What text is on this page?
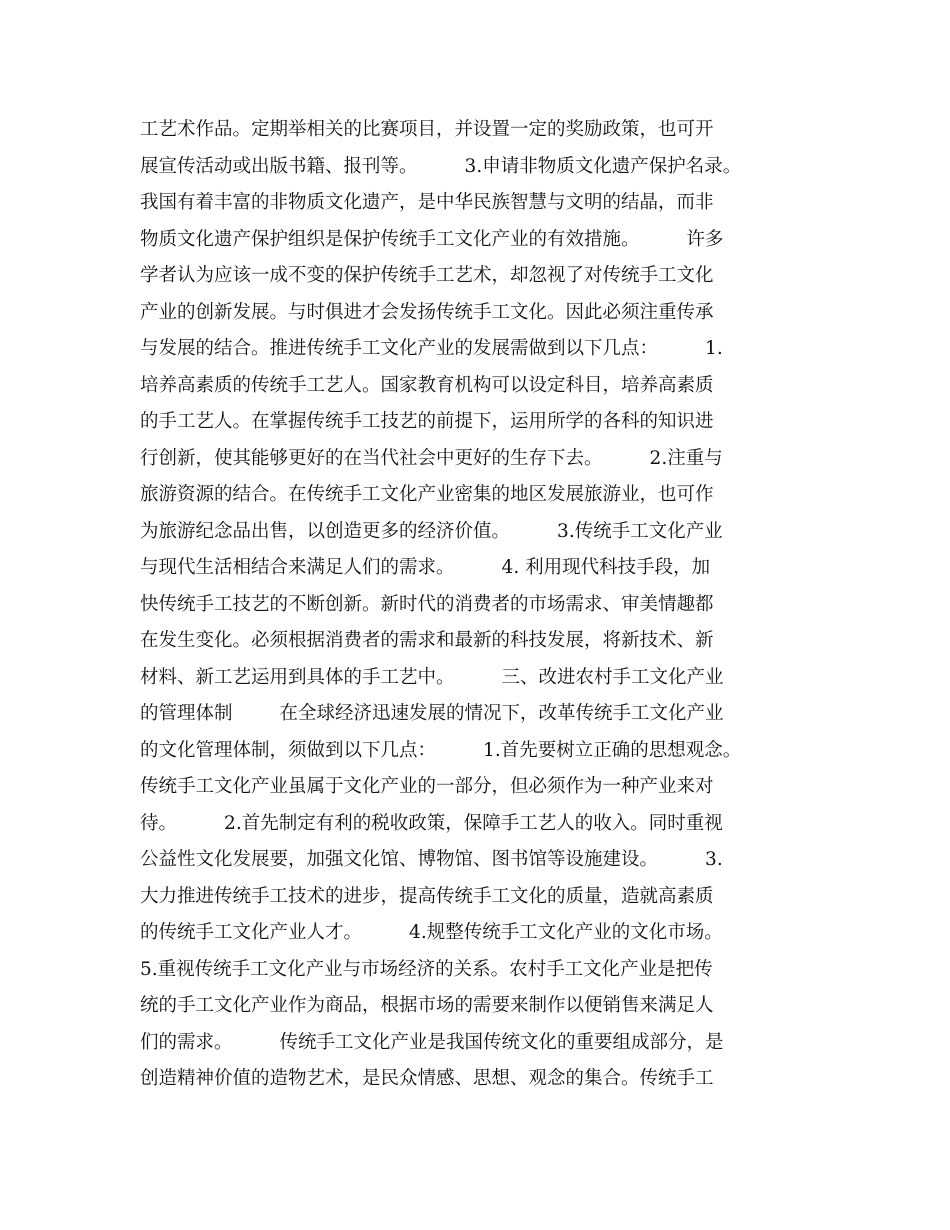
工艺术作品。定期举相关的比赛项目，并设置一定的奖励政策，也可开
展宣传活动或出版书籍、报刊等。        3.申请非物质文化遗产保护名录。
我国有着丰富的非物质文化遗产，是中华民族智慧与文明的结晶，而非
物质文化遗产保护组织是保护传统手工文化产业的有效措施。        许多
学者认为应该一成不变的保护传统手工艺术，却忽视了对传统手工文化
产业的创新发展。与时俱进才会发扬传统手工文化。因此必须注重传承
与发展的结合。推进传统手工文化产业的发展需做到以下几点：        1.
培养高素质的传统手工艺人。国家教育机构可以设定科目，培养高素质
的手工艺人。在掌握传统手工技艺的前提下，运用所学的各科的知识进
行创新，使其能够更好的在当代社会中更好的生存下去。        2.注重与
旅游资源的结合。在传统手工文化产业密集的地区发展旅游业，也可作
为旅游纪念品出售，以创造更多的经济价值。        3.传统手工文化产业
与现代生活相结合来满足人们的需求。        4. 利用现代科技手段，加
快传统手工技艺的不断创新。新时代的消费者的市场需求、审美情趣都
在发生变化。必须根据消费者的需求和最新的科技发展，将新技术、新
材料、新工艺运用到具体的手工艺中。        三、改进农村手工文化产业
的管理体制        在全球经济迅速发展的情况下，改革传统手工文化产业
的文化管理体制，须做到以下几点：        1.首先要树立正确的思想观念。
传统手工文化产业虽属于文化产业的一部分，但必须作为一种产业来对
待。        2.首先制定有利的税收政策，保障手工艺人的收入。同时重视
公益性文化发展要，加强文化馆、博物馆、图书馆等设施建设。        3.
大力推进传统手工技术的进步，提高传统手工文化的质量，造就高素质
的传统手工文化产业人才。        4.规整传统手工文化产业的文化市场。
5.重视传统手工文化产业与市场经济的关系。农村手工文化产业是把传
统的手工文化产业作为商品，根据市场的需要来制作以便销售来满足人
们的需求。        传统手工文化产业是我国传统文化的重要组成部分，是
创造精神价值的造物艺术，是民众情感、思想、观念的集合。传统手工
